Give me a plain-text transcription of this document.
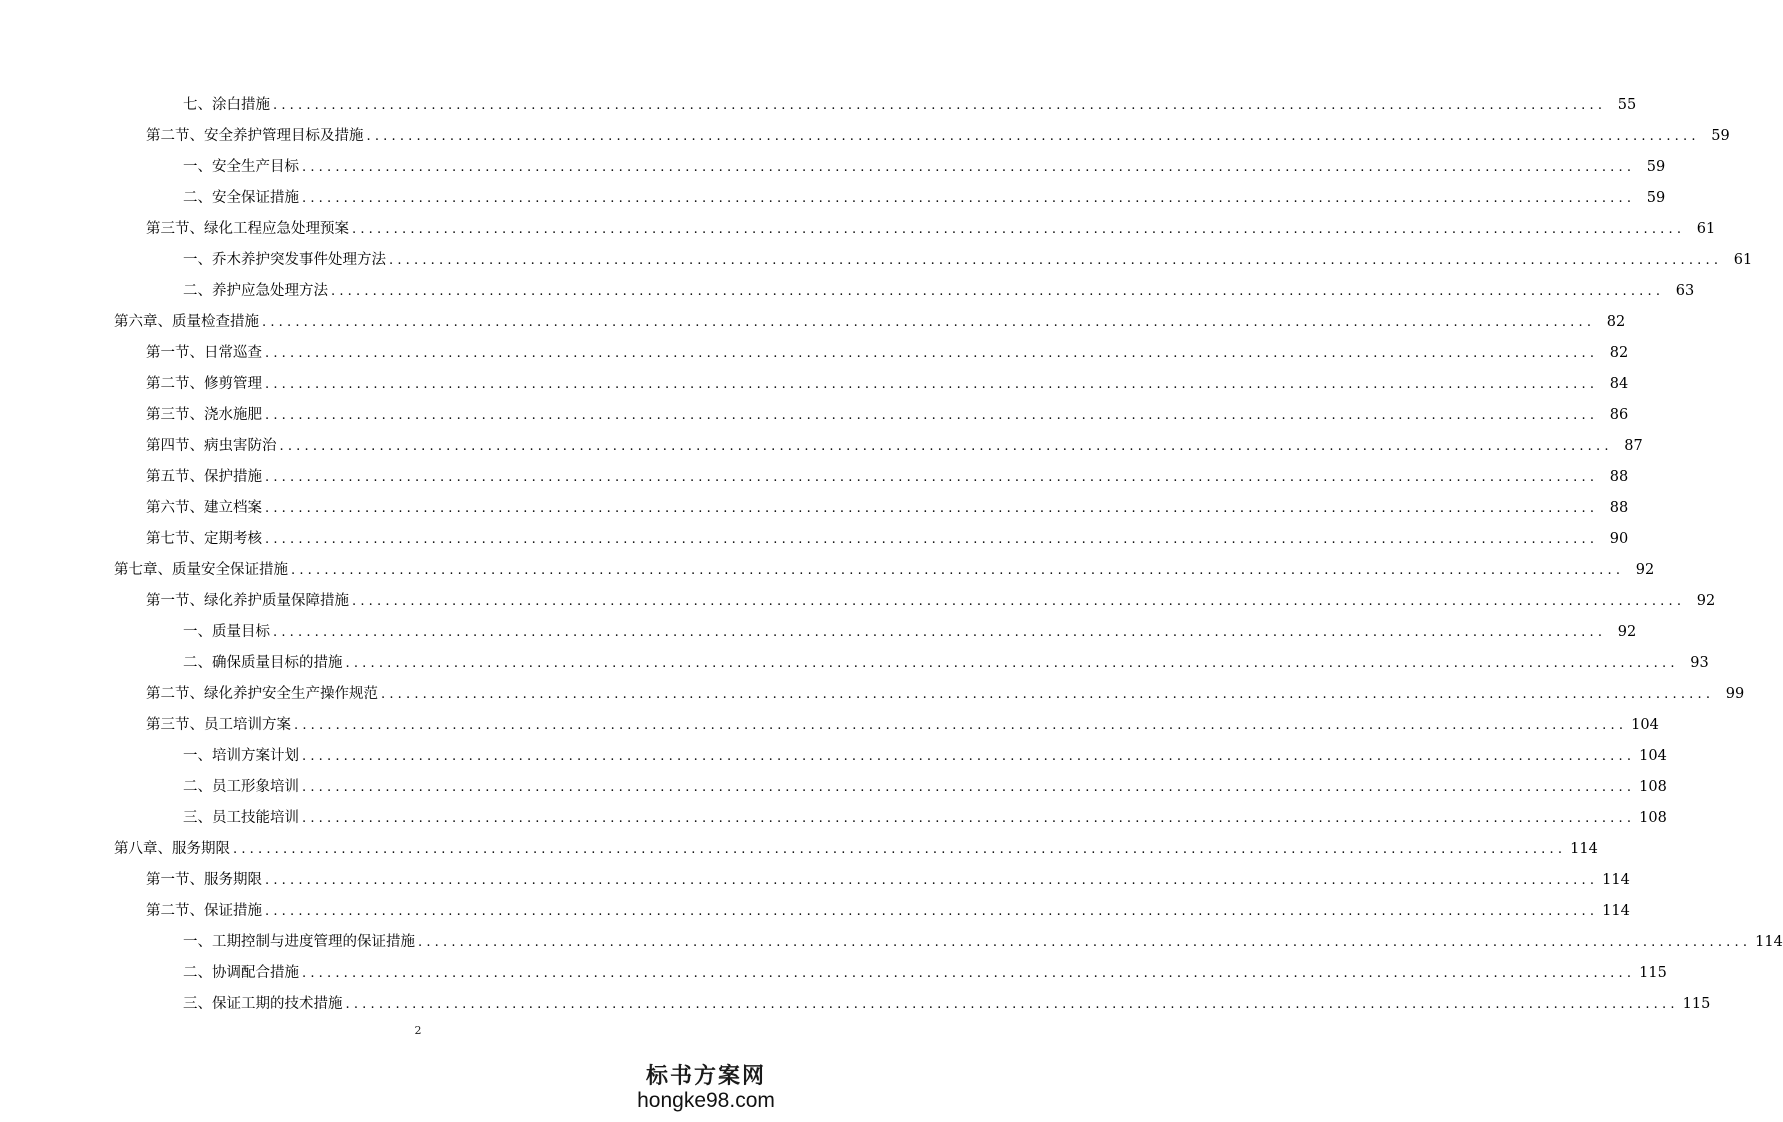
七、涂白措施 ................................................................................................................................................................ 55
第二节、安全养护管理目标及措施 ................................................................................................................................................................ 59
一、安全生产目标 ................................................................................................................................................................ 59
二、安全保证措施 ................................................................................................................................................................ 59
第三节、绿化工程应急处理预案 ................................................................................................................................................................ 61
一、乔木养护突发事件处理方法 ................................................................................................................................................................ 61
二、养护应急处理方法 ................................................................................................................................................................ 63
第六章、质量检查措施 ................................................................................................................................................................ 82
第一节、日常巡查 ................................................................................................................................................................ 82
第二节、修剪管理 ................................................................................................................................................................ 84
第三节、浇水施肥 ................................................................................................................................................................ 86
第四节、病虫害防治 ................................................................................................................................................................ 87
第五节、保护措施 ................................................................................................................................................................ 88
第六节、建立档案 ................................................................................................................................................................ 88
第七节、定期考核 ................................................................................................................................................................ 90
第七章、质量安全保证措施 ................................................................................................................................................................ 92
第一节、绿化养护质量保障措施 ................................................................................................................................................................ 92
一、质量目标 ................................................................................................................................................................ 92
二、确保质量目标的措施 ................................................................................................................................................................ 93
第二节、绿化养护安全生产操作规范 ................................................................................................................................................................ 99
第三节、员工培训方案 ................................................................................................................................................................ 104
一、培训方案计划 ................................................................................................................................................................ 104
二、员工形象培训 ................................................................................................................................................................ 108
三、员工技能培训 ................................................................................................................................................................ 108
第八章、服务期限 ................................................................................................................................................................ 114
第一节、服务期限 ................................................................................................................................................................ 114
第二节、保证措施 ................................................................................................................................................................ 114
一、工期控制与进度管理的保证措施 ................................................................................................................................................................ 114
二、协调配合措施 ................................................................................................................................................................ 115
三、保证工期的技术措施 ................................................................................................................................................................ 115
2
标书方案网
hongke98.com
